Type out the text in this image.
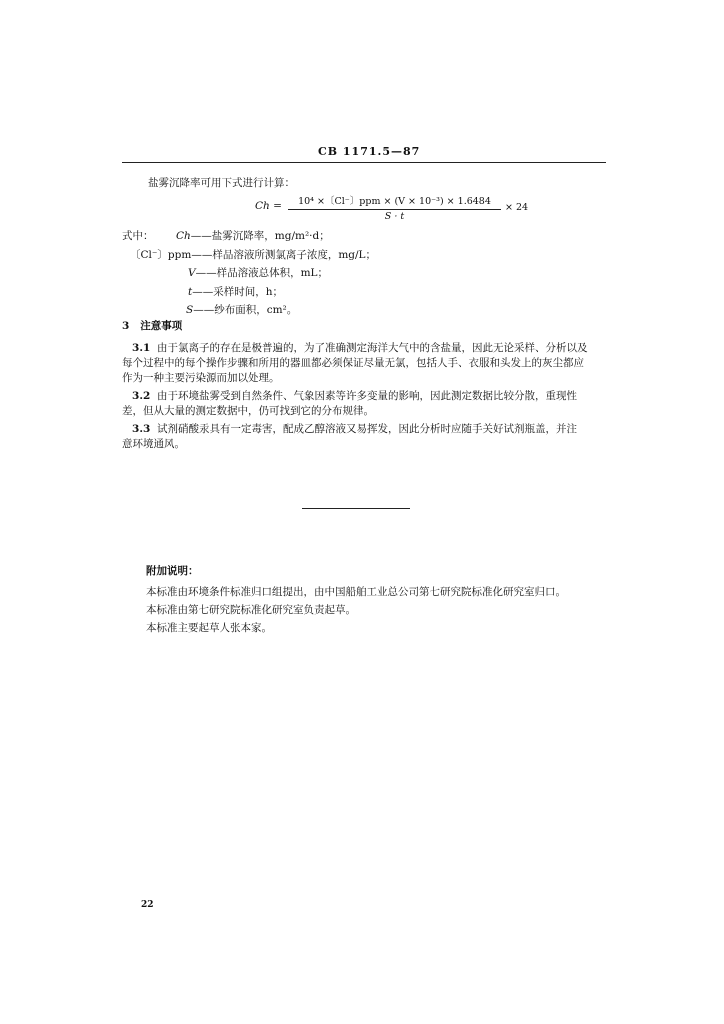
CB 1171.5—87
盐雾沉降率可用下式进行计算：
Ch =	10⁴ ×〔Cl⁻〕ppm × (V × 10⁻³) × 1.6484
S · t
× 24
式中： Ch——盐雾沉降率，mg/m²·d；
〔Cl⁻〕ppm——样品溶液所测氯离子浓度，mg/L；
V——样品溶液总体积，mL；
t——采样时间，h；
S——纱布面积，cm²。
3 注意事项
3.1 由于氯离子的存在是极普遍的，为了准确测定海洋大气中的含盐量，因此无论采样、分析以及
每个过程中的每个操作步骤和所用的器皿都必须保证尽量无氯，包括人手、衣服和头发上的灰尘都应
作为一种主要污染源而加以处理。
3.2 由于环境盐雾受到自然条件、气象因素等许多变量的影响，因此测定数据比较分散，重现性
差，但从大量的测定数据中，仍可找到它的分布规律。
3.3 试剂硝酸汞具有一定毒害，配成乙醇溶液又易挥发，因此分析时应随手关好试剂瓶盖，并注
意环境通风。
附加说明：
本标准由环境条件标准归口组提出，由中国船舶工业总公司第七研究院标准化研究室归口。
本标准由第七研究院标准化研究室负责起草。
本标准主要起草人张本家。
22
